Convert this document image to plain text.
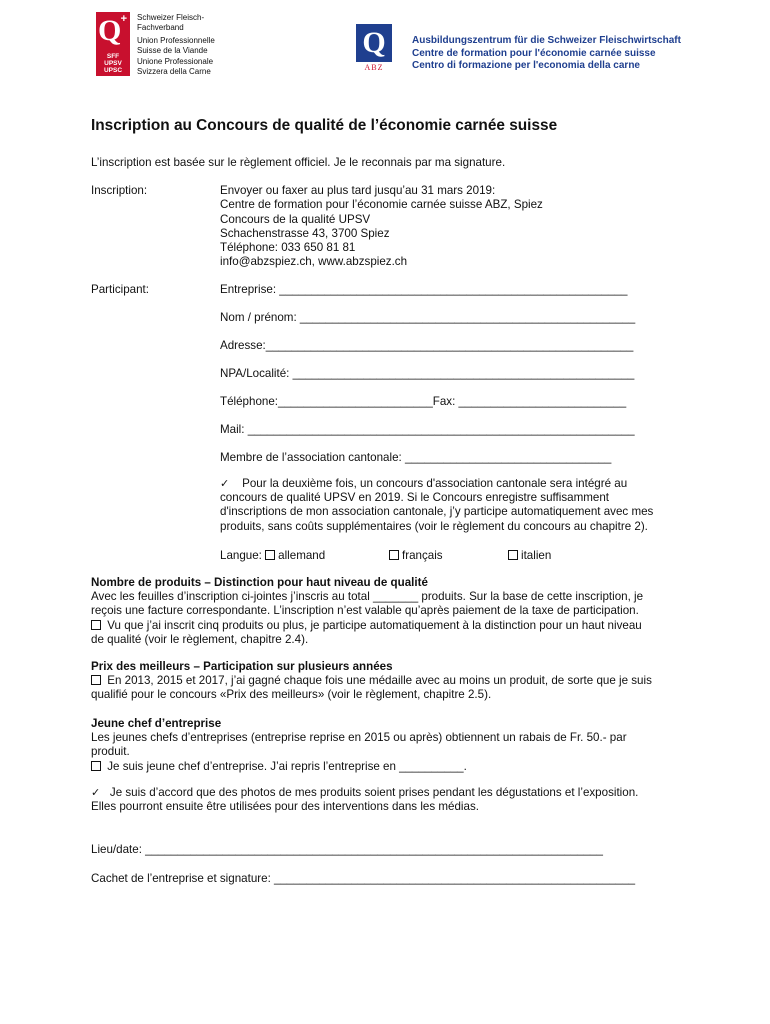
Q +
SFF
UPSV
UPSC
Schweizer Fleisch-
Fachverband
Union Professionnelle
Suisse de la Viande
Unione Professionale
Svizzera della Carne
Q
ABZ
Ausbildungszentrum für die Schweizer Fleischwirtschaft
Centre de formation pour l'économie carnée suisse
Centro di formazione per l'economia della carne
Inscription au Concours de qualité de l’économie carnée suisse
L’inscription est basée sur le règlement officiel. Je le reconnais par ma signature.
Inscription:	Envoyer ou faxer au plus tard jusqu’au 31 mars 2019:
Centre de formation pour l’économie carnée suisse ABZ, Spiez
Concours de la qualité UPSV
Schachenstrasse 43, 3700 Spiez
Téléphone: 033 650 81 81
info@abzspiez.ch, www.abzspiez.ch
Participant:	Entreprise: ______________________________________________________
Nom / prénom: ____________________________________________________
Adresse:_________________________________________________________
NPA/Localité: _____________________________________________________
Téléphone:________________________Fax: __________________________
Mail: ____________________________________________________________
Membre de l’association cantonale: ________________________________
✓ Pour la deuxième fois, un concours d'association cantonale sera intégré au
concours de qualité UPSV en 2019. Si le Concours enregistre suffisamment
d'inscriptions de mon association cantonale, j’y participe automatiquement avec mes
produits, sans coûts supplémentaires (voir le règlement du concours au chapitre 2).
Langue: allemand	français	italien
Nombre de produits – Distinction pour haut niveau de qualité
Avec les feuilles d’inscription ci-jointes j’inscris au total _______ produits. Sur la base de cette inscription, je
reçois une facture correspondante. L’inscription n’est valable qu’après paiement de la taxe de participation.
Vu que j’ai inscrit cinq produits ou plus, je participe automatiquement à la distinction pour un haut niveau
de qualité (voir le règlement, chapitre 2.4).
Prix des meilleurs – Participation sur plusieurs années
En 2013, 2015 et 2017, j’ai gagné chaque fois une médaille avec au moins un produit, de sorte que je suis
qualifié pour le concours «Prix des meilleurs» (voir le règlement, chapitre 2.5).
Jeune chef d’entreprise
Les jeunes chefs d’entreprises (entreprise reprise en 2015 ou après) obtiennent un rabais de Fr. 50.- par
produit.
Je suis jeune chef d’entreprise. J’ai repris l’entreprise en __________.
✓ Je suis d’accord que des photos de mes produits soient prises pendant les dégustations et l’exposition.
Elles pourront ensuite être utilisées pour des interventions dans les médias.
Lieu/date: _______________________________________________________________________
Cachet de l’entreprise et signature: ________________________________________________________
